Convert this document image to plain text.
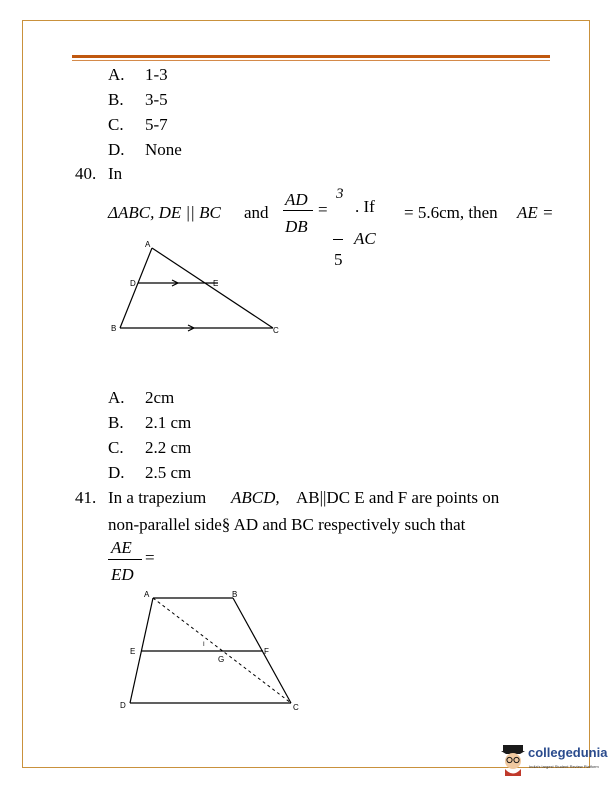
A. 1-3
B. 3-5
C. 5-7
D. None
40. In
ΔABC, DE || BC and
AD
DB
=
3
5
. If
AC
= 5.6cm, then AE =
A
D	E
B	C
A. 2cm
B. 2.1 cm
C. 2.2 cm
D. 2.5 cm
41. In a trapezium ABCD, AB||DC E and F are points on
non-parallel side§ AD and BC respectively such that
AE
=
ED
A	B
E	F
I
G
D	C
collegedunia
India's largest Student Review Platform
